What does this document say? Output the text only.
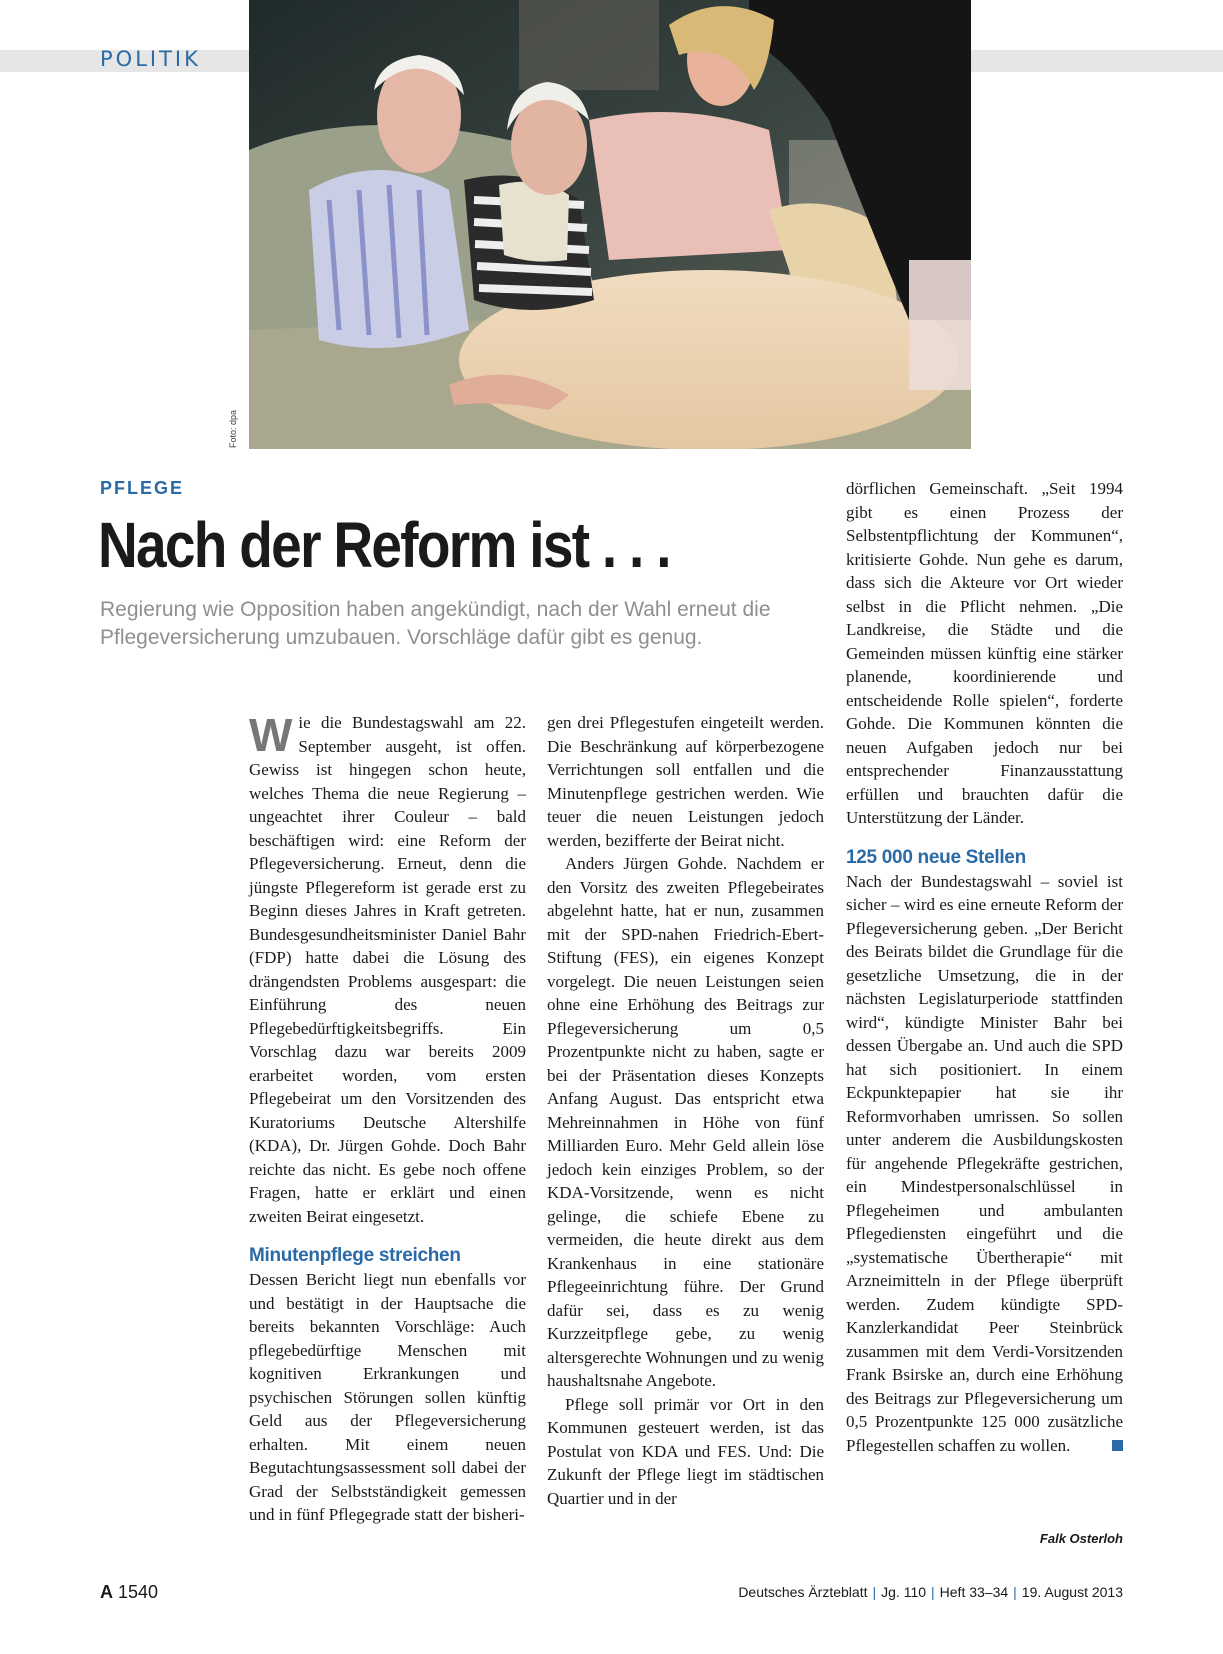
POLITIK
Foto: dpa
PFLEGE
Nach der Reform ist . . .
Regierung wie Opposition haben angekündigt, nach der Wahl erneut die Pflegeversicherung umzubauen. Vorschläge dafür gibt es genug.

Wie die Bundestagswahl am 22. September ausgeht, ist offen. Gewiss ist hingegen schon heute, welches Thema die neue Regierung – ungeachtet ihrer Couleur – bald beschäftigen wird: eine Reform der Pflegeversicherung. Erneut, denn die jüngste Pflegereform ist gerade erst zu Beginn dieses Jahres in Kraft getreten. Bundesgesundheitsminister Daniel Bahr (FDP) hatte dabei die Lösung des drängendsten Problems ausgespart: die Einführung des neuen Pflegebedürftigkeitsbegriffs. Ein Vorschlag dazu war bereits 2009 erarbeitet worden, vom ersten Pflegebeirat um den Vorsitzenden des Kuratoriums Deutsche Altershilfe (KDA), Dr. Jürgen Gohde. Doch Bahr reichte das nicht. Es gebe noch offene Fragen, hatte er erklärt und einen zweiten Beirat eingesetzt.

Minutenpflege streichen

Dessen Bericht liegt nun ebenfalls vor und bestätigt in der Hauptsache die bereits bekannten Vorschläge: Auch pflegebedürftige Menschen mit kognitiven Erkrankungen und psychischen Störungen sollen künftig Geld aus der Pflegeversicherung erhalten. Mit einem neuen Begutachtungsassessment soll dabei der Grad der Selbstständigkeit gemessen und in fünf Pflegegrade statt der bisheri-

gen drei Pflegestufen eingeteilt werden. Die Beschränkung auf körperbezogene Verrichtungen soll entfallen und die Minutenpflege gestrichen werden. Wie teuer die neuen Leistungen jedoch werden, bezifferte der Beirat nicht.

Anders Jürgen Gohde. Nachdem er den Vorsitz des zweiten Pflegebeirates abgelehnt hatte, hat er nun, zusammen mit der SPD-nahen Friedrich-Ebert-Stiftung (FES), ein eigenes Konzept vorgelegt. Die neuen Leistungen seien ohne eine Erhöhung des Beitrags zur Pflegeversicherung um 0,5 Prozentpunkte nicht zu haben, sagte er bei der Präsentation dieses Konzepts Anfang August. Das entspricht etwa Mehreinnahmen in Höhe von fünf Milliarden Euro. Mehr Geld allein löse jedoch kein einziges Problem, so der KDA-Vorsitzende, wenn es nicht gelinge, die schiefe Ebene zu vermeiden, die heute direkt aus dem Krankenhaus in eine stationäre Pflegeeinrichtung führe. Der Grund dafür sei, dass es zu wenig Kurzzeitpflege gebe, zu wenig altersgerechte Wohnungen und zu wenig haushaltsnahe Angebote.

Pflege soll primär vor Ort in den Kommunen gesteuert werden, ist das Postulat von KDA und FES. Und: Die Zukunft der Pflege liegt im städtischen Quartier und in der

dörflichen Gemeinschaft. „Seit 1994 gibt es einen Prozess der Selbstentpflichtung der Kommunen“, kritisierte Gohde. Nun gehe es darum, dass sich die Akteure vor Ort wieder selbst in die Pflicht nehmen. „Die Landkreise, die Städte und die Gemeinden müssen künftig eine stärker planende, koordinierende und entscheidende Rolle spielen“, forderte Gohde. Die Kommunen könnten die neuen Aufgaben jedoch nur bei entsprechender Finanzausstattung erfüllen und brauchten dafür die Unterstützung der Länder.

125 000 neue Stellen

Nach der Bundestagswahl – soviel ist sicher – wird es eine erneute Reform der Pflegeversicherung geben. „Der Bericht des Beirats bildet die Grundlage für die gesetzliche Umsetzung, die in der nächsten Legislaturperiode stattfinden wird“, kündigte Minister Bahr bei dessen Übergabe an. Und auch die SPD hat sich positioniert. In einem Eckpunktepapier hat sie ihr Reformvorhaben umrissen. So sollen unter anderem die Ausbildungskosten für angehende Pflegekräfte gestrichen, ein Mindestpersonalschlüssel in Pflegeheimen und ambulanten Pflegediensten eingeführt und die „systematische Übertherapie“ mit Arzneimitteln in der Pflege überprüft werden. Zudem kündigte SPD-Kanzlerkandidat Peer Steinbrück zusammen mit dem Verdi-Vorsitzenden Frank Bsirske an, durch eine Erhöhung des Beitrags zur Pflegeversicherung um 0,5 Prozentpunkte 125 000 zusätzliche Pflegestellen schaffen zu wollen.

Falk Osterloh
A 1540	Deutsches Ärzteblatt | Jg. 110 | Heft 33–34 | 19. August 2013
